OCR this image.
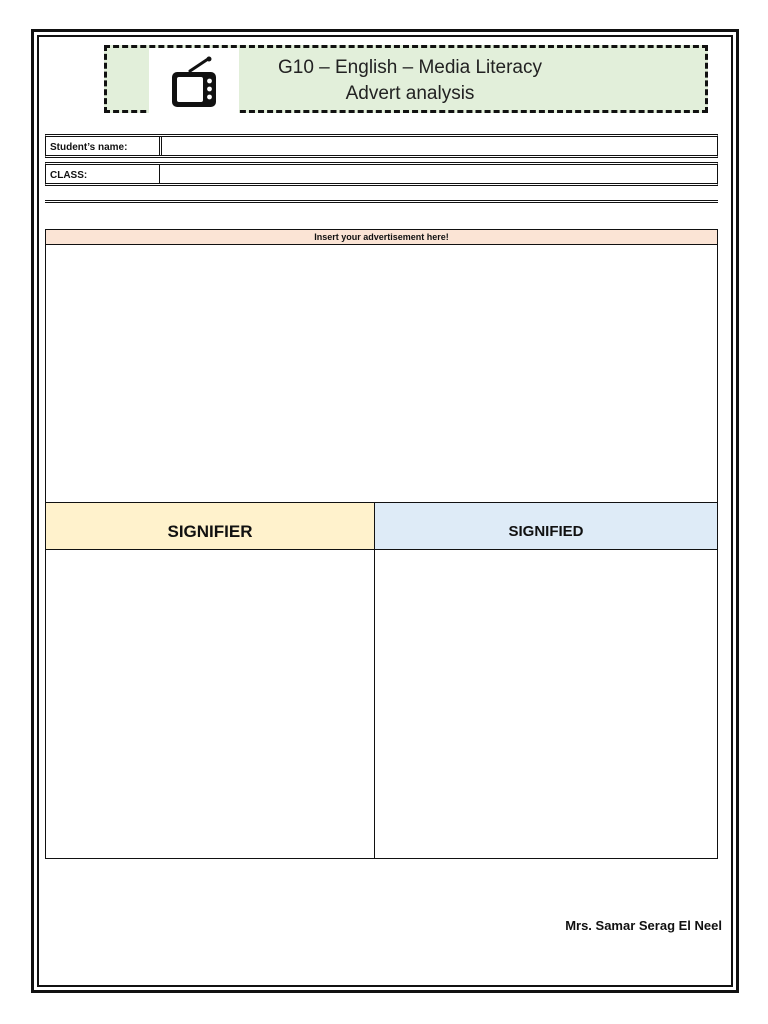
G10 – English – Media Literacy
Advert analysis
Student’s name:
CLASS:
Insert your advertisement here!
SIGNIFIER	SIGNIFIED
Mrs. Samar Serag El Neel
